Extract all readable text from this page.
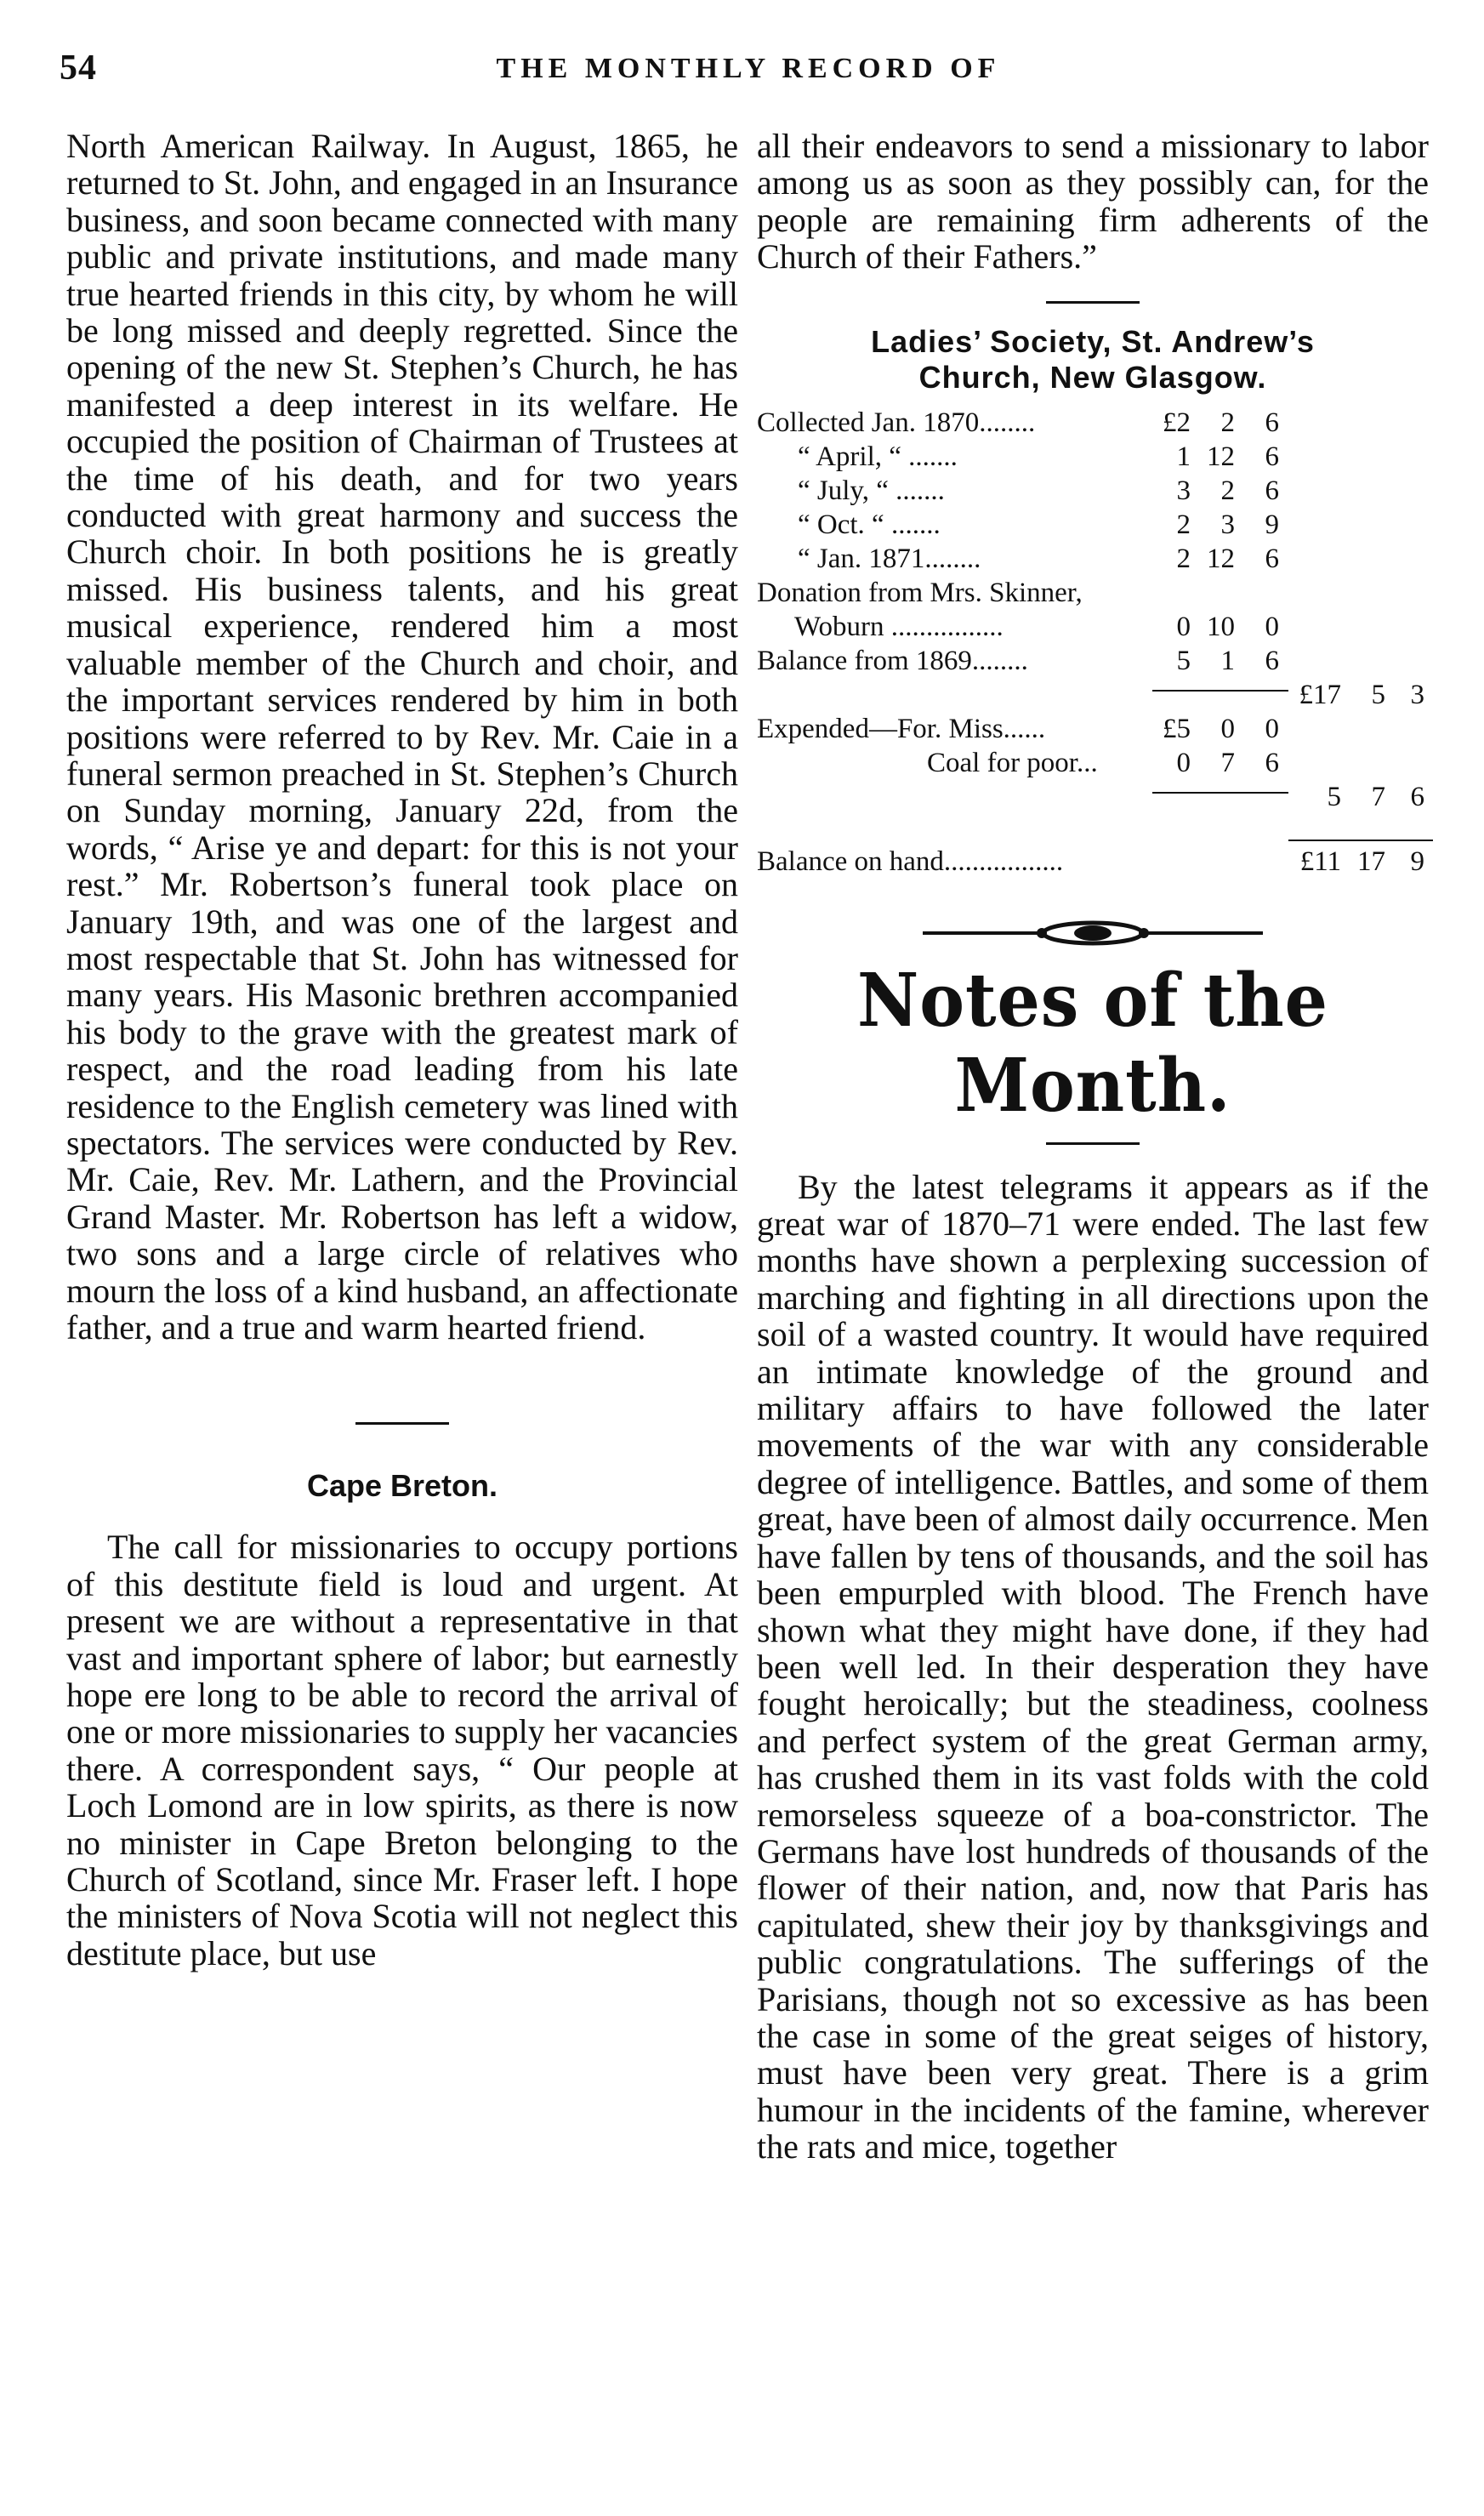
54	THE MONTHLY RECORD OF

North American Railway. In August, 1865, he returned to St. John, and engaged in an Insurance business, and soon became connected with many public and private institutions, and made many true hearted friends in this city, by whom he will be long missed and deeply regretted. Since the opening of the new St. Stephen’s Church, he has manifested a deep interest in its welfare. He occupied the position of Chairman of Trustees at the time of his death, and for two years conducted with great harmony and success the Church choir. In both positions he is greatly missed. His business talents, and his great musical experience, rendered him a most valuable member of the Church and choir, and the important services rendered by him in both positions were referred to by Rev. Mr. Caie in a funeral sermon preached in St. Stephen’s Church on Sunday morning, January 22d, from the words, “ Arise ye and depart: for this is not your rest.” Mr. Robertson’s funeral took place on January 19th, and was one of the largest and most respectable that St. John has witnessed for many years. His Masonic brethren accompanied his body to the grave with the greatest mark of respect, and the road leading from his late residence to the English cemetery was lined with spectators. The services were conducted by Rev. Mr. Caie, Rev. Mr. Lathern, and the Provincial Grand Master. Mr. Robertson has left a widow, two sons and a large circle of relatives who mourn the loss of a kind husband, an affectionate father, and a true and warm hearted friend.

Cape Breton.

The call for missionaries to occupy portions of this destitute field is loud and urgent. At present we are without a representative in that vast and important sphere of labor; but earnestly hope ere long to be able to record the arrival of one or more missionaries to supply her vacancies there. A correspondent says, “ Our people at Loch Lomond are in low spirits, as there is now no minister in Cape Breton belonging to the Church of Scotland, since Mr. Fraser left. I hope the ministers of Nova Scotia will not neglect this destitute place, but use

all their endeavors to send a missionary to labor among us as soon as they possibly can, for the people are remaining firm adherents of the Church of their Fathers.”

Ladies’ Society, St. Andrew’s
Church, New Glasgow.
Collected Jan. 1870........	£2 2 6
“ April, “ .......	1 12 6
“ July, “ .......	3 2 6
“ Oct. “ .......	2 3 9
“ Jan. 1871........	2 12 6
Donation from Mrs. Skinner,
Woburn ................	0 10 0
Balance from 1869........	5 1 6
£17 5 3
Expended—For. Miss......	£5 0 0
Coal for poor...	0 7 6
5 7 6
Balance on hand.................	£11 17 9
Notes of the Month.

By the latest telegrams it appears as if the great war of 1870–71 were ended. The last few months have shown a perplexing succession of marching and fighting in all directions upon the soil of a wasted country. It would have required an intimate knowledge of the ground and military affairs to have followed the later movements of the war with any considerable degree of intelligence. Battles, and some of them great, have been of almost daily occurrence. Men have fallen by tens of thousands, and the soil has been empurpled with blood. The French have shown what they might have done, if they had been well led. In their desperation they have fought heroically; but the steadiness, coolness and perfect system of the great German army, has crushed them in its vast folds with the cold remorseless squeeze of a boa-constrictor. The Germans have lost hundreds of thousands of the flower of their nation, and, now that Paris has capitulated, shew their joy by thanksgivings and public congratulations. The sufferings of the Parisians, though not so excessive as has been the case in some of the great seiges of history, must have been very great. There is a grim humour in the incidents of the famine, wherever the rats and mice, together
